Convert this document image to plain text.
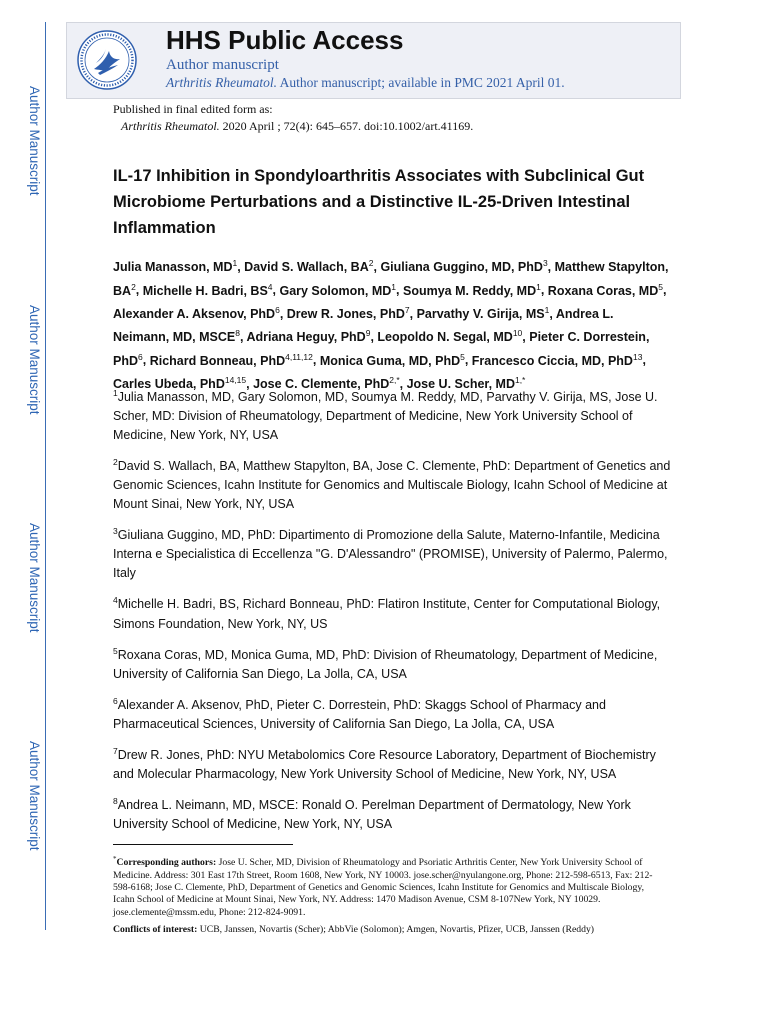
Author Manuscript
Author Manuscript
Author Manuscript
Author Manuscript
HHS Public Access
Author manuscript
Arthritis Rheumatol. Author manuscript; available in PMC 2021 April 01.
Published in final edited form as:
Arthritis Rheumatol. 2020 April ; 72(4): 645–657. doi:10.1002/art.41169.
IL-17 Inhibition in Spondyloarthritis Associates with Subclinical Gut Microbiome Perturbations and a Distinctive IL-25-Driven Intestinal Inflammation
Julia Manasson, $MD^1$, David S. Wallach, $BA^2$, Giuliana Guggino, MD, PhD$^3$, Matthew Stapylton, $BA^2$, Michelle H. Badri, $BS^4$, Gary Solomon, $MD^1$, Soumya M. Reddy, $MD^1$, Roxana Coras, $MD^5$, Alexander A. Aksenov, PhD$^6$, Drew R. Jones, PhD$^7$, Parvathy V. Girija, $MS^1$, Andrea L. Neimann, MD, MSCE$^8$, Adriana Heguy, PhD$^9$, Leopoldo N. Segal, MD$^{10}$, Pieter C. Dorrestein, PhD$^6$, Richard Bonneau, PhD$^{4,11,12}$, Monica Guma, MD, PhD$^5$, Francesco Ciccia, MD, PhD$^{13}$, Carles Ubeda, PhD$^{14,15}$, Jose C. Clemente, PhD$^{2,*}$, Jose U. Scher, $MD^{1,*}$
$^1$Julia Manasson, MD, Gary Solomon, MD, Soumya M. Reddy, MD, Parvathy V. Girija, MS, Jose U. Scher, MD: Division of Rheumatology, Department of Medicine, New York University School of Medicine, New York, NY, USA
$^2$David S. Wallach, BA, Matthew Stapylton, BA, Jose C. Clemente, PhD: Department of Genetics and Genomic Sciences, Icahn Institute for Genomics and Multiscale Biology, Icahn School of Medicine at Mount Sinai, New York, NY, USA
$^3$Giuliana Guggino, MD, PhD: Dipartimento di Promozione della Salute, Materno-Infantile, Medicina Interna e Specialistica di Eccellenza "G. D'Alessandro" (PROMISE), University of Palermo, Palermo, Italy
$^4$Michelle H. Badri, BS, Richard Bonneau, PhD: Flatiron Institute, Center for Computational Biology, Simons Foundation, New York, NY, US
$^5$Roxana Coras, MD, Monica Guma, MD, PhD: Division of Rheumatology, Department of Medicine, University of California San Diego, La Jolla, CA, USA
$^6$Alexander A. Aksenov, PhD, Pieter C. Dorrestein, PhD: Skaggs School of Pharmacy and Pharmaceutical Sciences, University of California San Diego, La Jolla, CA, USA
$^7$Drew R. Jones, PhD: NYU Metabolomics Core Resource Laboratory, Department of Biochemistry and Molecular Pharmacology, New York University School of Medicine, New York, NY, USA
$^8$Andrea L. Neimann, MD, MSCE: Ronald O. Perelman Department of Dermatology, New York University School of Medicine, New York, NY, USA
*Corresponding authors: Jose U. Scher, MD, Division of Rheumatology and Psoriatic Arthritis Center, New York University School of Medicine. Address: 301 East 17th Street, Room 1608, New York, NY 10003. jose.scher@nyulangone.org, Phone: 212-598-6513, Fax: 212-598-6168; Jose C. Clemente, PhD, Department of Genetics and Genomic Sciences, Icahn Institute for Genomics and Multiscale Biology, Icahn School of Medicine at Mount Sinai, New York, NY. Address: 1470 Madison Avenue, CSM 8-107New York, NY 10029. jose.clemente@mssm.edu, Phone: 212-824-9091.
Conflicts of interest: UCB, Janssen, Novartis (Scher); AbbVie (Solomon); Amgen, Novartis, Pfizer, UCB, Janssen (Reddy)
